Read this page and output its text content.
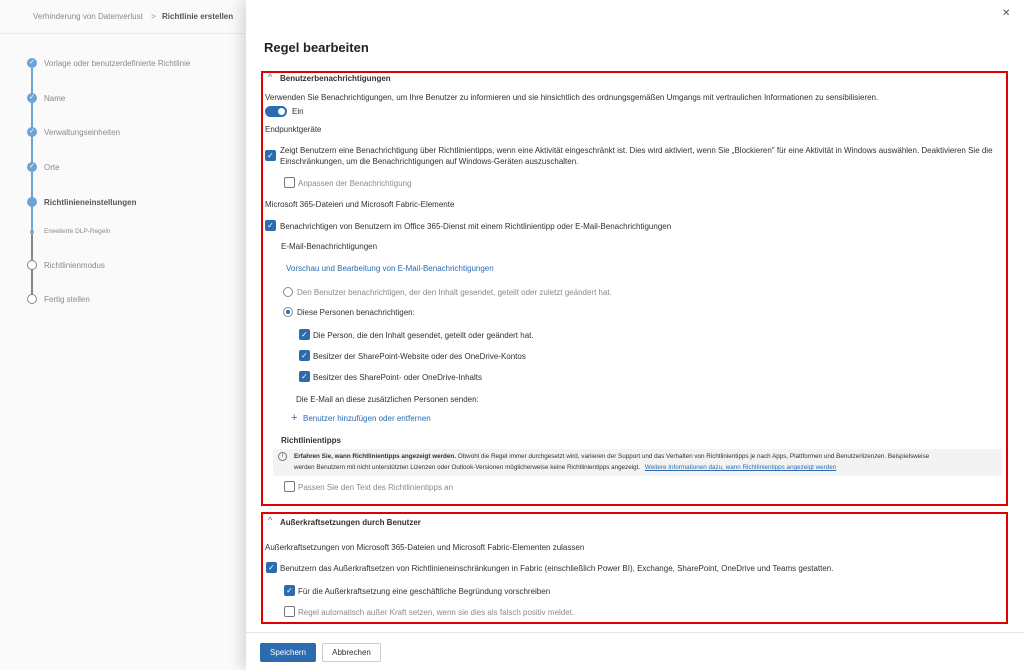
Verhinderung von Datenverlust > Richtlinie erstellen
✓ Vorlage oder benutzerdefinierte Richtlinie
✓ Name
✓ Verwaltungseinheiten
✓ Orte
Richtlinieneinstellungen
Erweiterte DLP-Regeln
Richtlinienmodus
Fertig stellen
✕
Regel bearbeiten
^ Benutzerbenachrichtigungen
Verwenden Sie Benachrichtigungen, um Ihre Benutzer zu informieren und sie hinsichtlich des ordnungsgemäßen Umgangs mit vertraulichen Informationen zu sensibilisieren.
Ein
Endpunktgeräte
✓
Zeigt Benutzern eine Benachrichtigung über Richtlinientipps, wenn eine Aktivität eingeschränkt ist. Dies wird aktiviert, wenn Sie „Blockieren" für eine Aktivität in Windows auswählen. Deaktivieren Sie die
Einschränkungen, um die Benachrichtigungen auf Windows-Geräten auszuschalten.
Anpassen der Benachrichtigung
Microsoft 365-Dateien und Microsoft Fabric-Elemente
✓ Benachrichtigen von Benutzern im Office 365-Dienst mit einem Richtlinientipp oder E-Mail-Benachrichtigungen
E-Mail-Benachrichtigungen
Vorschau und Bearbeitung von E-Mail-Benachrichtigungen
Den Benutzer benachrichtigen, der den Inhalt gesendet, geteilt oder zuletzt geändert hat.
Diese Personen benachrichtigen:
✓ Die Person, die den Inhalt gesendet, geteilt oder geändert hat.
✓ Besitzer der SharePoint-Website oder des OneDrive-Kontos
✓ Besitzer des SharePoint- oder OneDrive-Inhalts
Die E-Mail an diese zusätzlichen Personen senden:
+ Benutzer hinzufügen oder entfernen
Richtlinientipps
i	Erfahren Sie, wann Richtlinientipps angezeigt werden. Obwohl die Regel immer durchgesetzt wird, variieren der Support und das Verhalten von Richtlinientipps je nach Apps, Plattformen und Benutzerlizenzen. Beispielsweise
werden Benutzern mit nicht unterstützten Lizenzen oder Outlook-Versionen möglicherweise keine Richtlinientipps angezeigt. Weitere Informationen dazu, wann Richtlinientipps angezeigt werden
Passen Sie den Text des Richtlinientipps an
^ Außerkraftsetzungen durch Benutzer
Außerkraftsetzungen von Microsoft 365-Dateien und Microsoft Fabric-Elementen zulassen
✓ Benutzern das Außerkraftsetzen von Richtlinieneinschränkungen in Fabric (einschließlich Power BI), Exchange, SharePoint, OneDrive und Teams gestatten.
✓ Für die Außerkraftsetzung eine geschäftliche Begründung vorschreiben
Regel automatisch außer Kraft setzen, wenn sie dies als falsch positiv meldet.
Speichern	Abbrechen
